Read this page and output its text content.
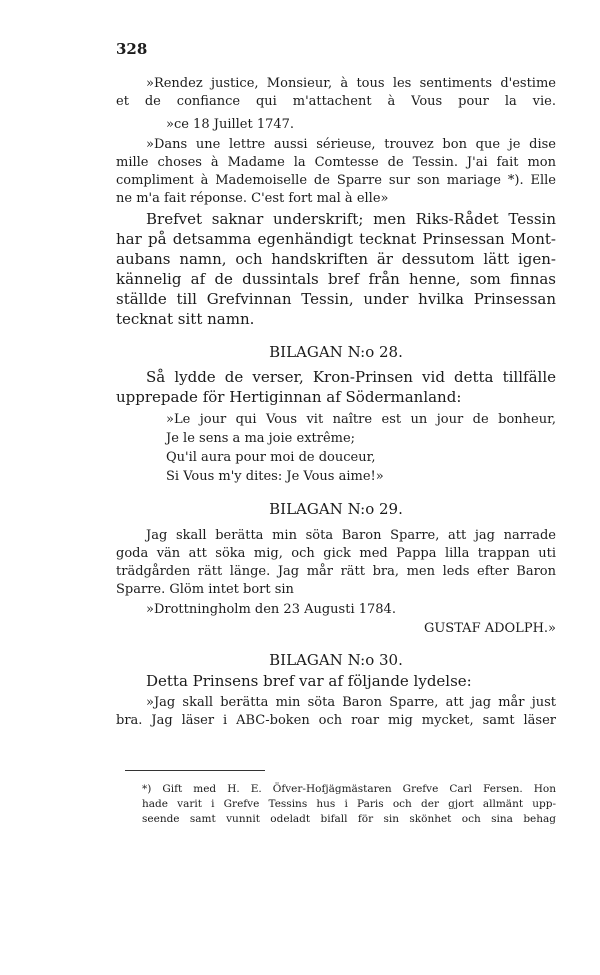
328
»Rendez justice, Monsieur, à tous les sentiments d'estime
et de confiance qui m'attachent à Vous pour la vie.
»ce 18 Juillet 1747.
»Dans une lettre aussi sérieuse, trouvez bon que je dise
mille choses à Madame la Comtesse de Tessin. J'ai fait mon
compliment à Mademoiselle de Sparre sur son mariage *). Elle
ne m'a fait réponse. C'est fort mal à elle»
Brefvet saknar underskrift; men Riks-Rådet Tessin
har på detsamma egenhändigt tecknat Prinsessan Mont-
aubans namn, och handskriften är dessutom lätt igen-
kännelig af de dussintals bref från henne, som finnas
ställde till Grefvinnan Tessin, under hvilka Prinsessan
tecknat sitt namn.
BILAGAN N:o 28.
Så lydde de verser, Kron-Prinsen vid detta tillfälle
upprepade för Hertiginnan af Södermanland:
»Le jour qui Vous vit naître est un jour de bonheur,
Je le sens a ma joie extrême;
Qu'il aura pour moi de douceur,
Si Vous m'y dites: Je Vous aime!»
BILAGAN N:o 29.
Jag skall berätta min söta Baron Sparre, att jag narrade
goda vän att söka mig, och gick med Pappa lilla trappan uti
trädgården rätt länge. Jag mår rätt bra, men leds efter Baron
Sparre. Glöm intet bort sin
»Drottningholm den 23 Augusti 1784.
GUSTAF ADOLPH.»
BILAGAN N:o 30.
Detta Prinsens bref var af följande lydelse:
»Jag skall berätta min söta Baron Sparre, att jag mår just
bra. Jag läser i ABC-boken och roar mig mycket, samt läser
*) Gift med H. E. Öfver-Hofjägmästaren Grefve Carl Fersen. Hon
hade varit i Grefve Tessins hus i Paris och der gjort allmänt upp-
seende samt vunnit odeladt bifall för sin skönhet och sina behag
